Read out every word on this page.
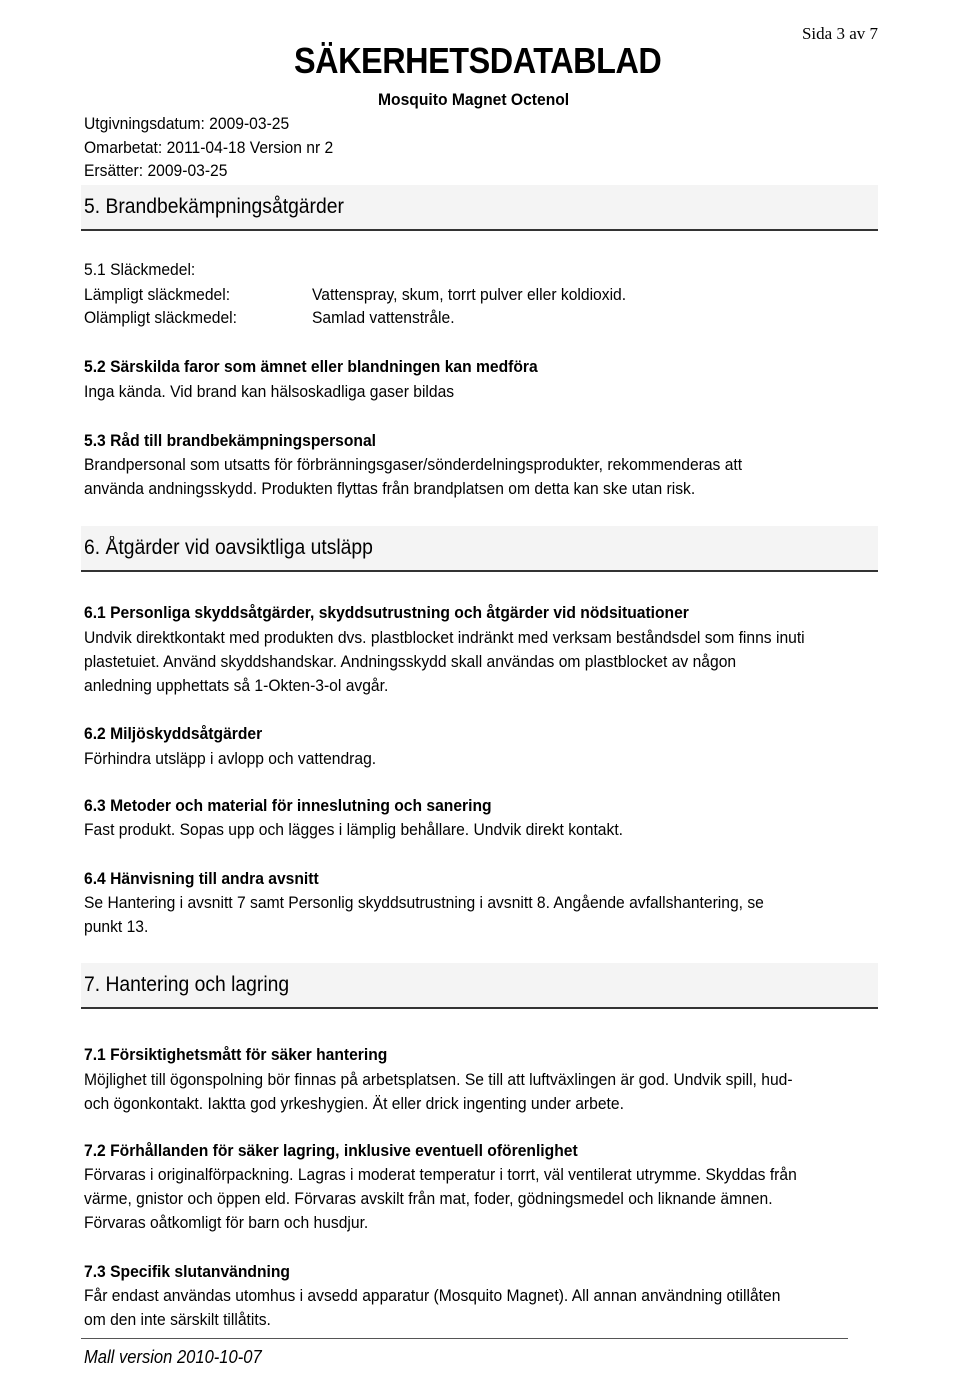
Sida 3 av 7
SÄKERHETSDATABLAD
Mosquito Magnet Octenol
Utgivningsdatum: 2009-03-25
Omarbetat: 2011-04-18 Version nr 2
Ersätter: 2009-03-25
5. Brandbekämpningsåtgärder
5.1 Släckmedel:
Lämpligt släckmedel:	Vattenspray, skum, torrt pulver eller koldioxid.
Olämpligt släckmedel:	Samlad vattenstråle.
5.2 Särskilda faror som ämnet eller blandningen kan medföra
Inga kända. Vid brand kan hälsoskadliga gaser bildas
5.3 Råd till brandbekämpningspersonal
Brandpersonal som utsatts för förbränningsgaser/sönderdelningsprodukter, rekommenderas att
använda andningsskydd. Produkten flyttas från brandplatsen om detta kan ske utan risk.
6. Åtgärder vid oavsiktliga utsläpp
6.1 Personliga skyddsåtgärder, skyddsutrustning och åtgärder vid nödsituationer
Undvik direktkontakt med produkten dvs. plastblocket indränkt med verksam beståndsdel som finns inuti
plastetuiet. Använd skyddshandskar. Andningsskydd skall användas om plastblocket av någon
anledning upphettats så 1-Okten-3-ol avgår.
6.2 Miljöskyddsåtgärder
Förhindra utsläpp i avlopp och vattendrag.
6.3 Metoder och material för inneslutning och sanering
Fast produkt. Sopas upp och lägges i lämplig behållare. Undvik direkt kontakt.
6.4 Hänvisning till andra avsnitt
Se Hantering i avsnitt 7 samt Personlig skyddsutrustning i avsnitt 8. Angående avfallshantering, se
punkt 13.
7. Hantering och lagring
7.1 Försiktighetsmått för säker hantering
Möjlighet till ögonspolning bör finnas på arbetsplatsen. Se till att luftväxlingen är god. Undvik spill, hud-
och ögonkontakt. Iaktta god yrkeshygien. Ät eller drick ingenting under arbete.
7.2 Förhållanden för säker lagring, inklusive eventuell oförenlighet
Förvaras i originalförpackning. Lagras i moderat temperatur i torrt, väl ventilerat utrymme. Skyddas från
värme, gnistor och öppen eld. Förvaras avskilt från mat, foder, gödningsmedel och liknande ämnen.
Förvaras oåtkomligt för barn och husdjur.
7.3 Specifik slutanvändning
Får endast användas utomhus i avsedd apparatur (Mosquito Magnet). All annan användning otillåten
om den inte särskilt tillåtits.
Mall version 2010-10-07
